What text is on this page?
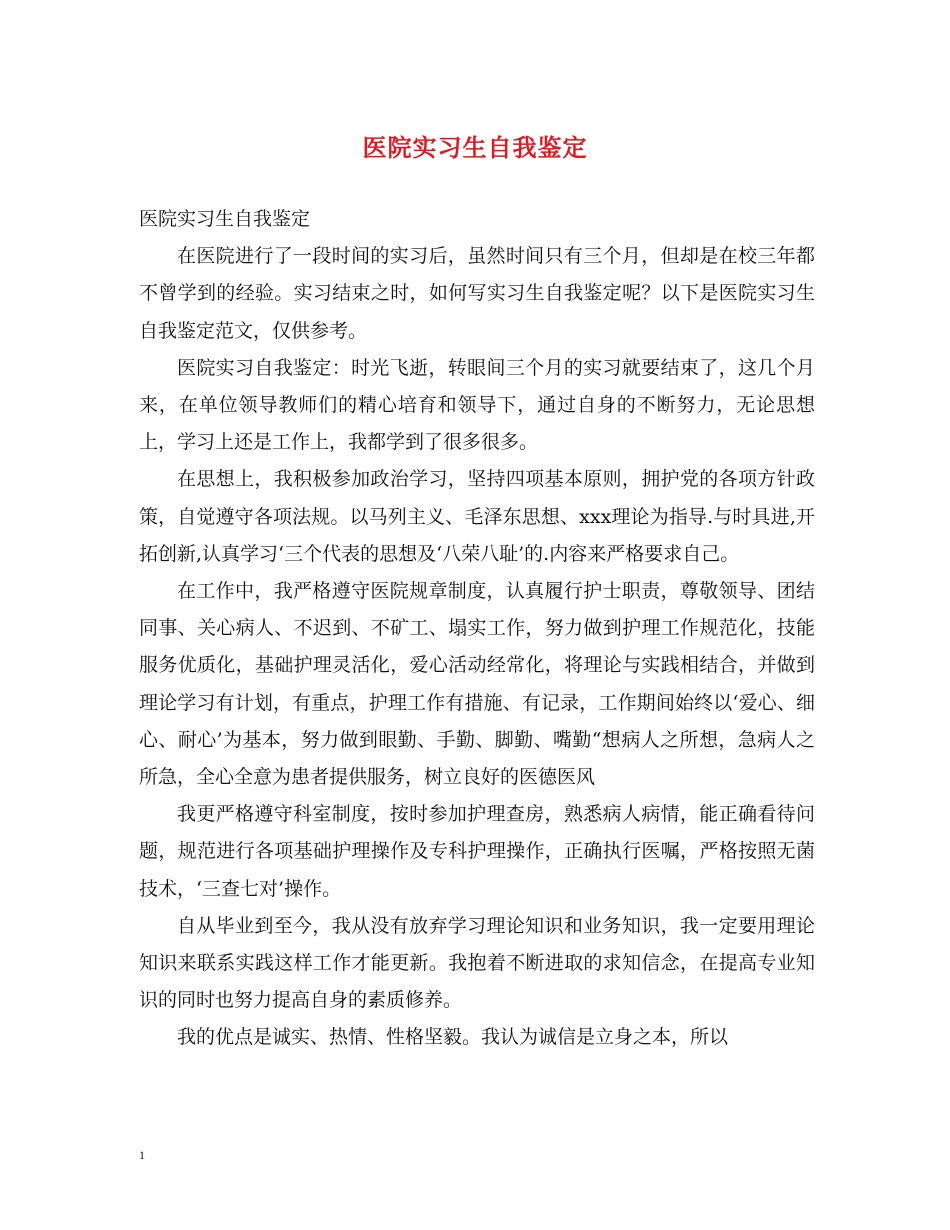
医院实习生自我鉴定

医院实习生自我鉴定

在医院进行了一段时间的实习后，虽然时间只有三个月，但却是在校三年都不曾学到的经验。实习结束之时，如何写实习生自我鉴定呢？以下是医院实习生自我鉴定范文，仅供参考。

医院实习自我鉴定：时光飞逝，转眼间三个月的实习就要结束了，这几个月来，在单位领导教师们的精心培育和领导下，通过自身的不断努力，无论思想上，学习上还是工作上，我都学到了很多很多。

在思想上，我积极参加政治学习，坚持四项基本原则，拥护党的各项方针政策，自觉遵守各项法规。以马列主义、毛泽东思想、xxx理论为指导.与时具进,开拓创新,认真学习‘三个代表的思想及‘八荣八耻’的.内容来严格要求自己。

在工作中，我严格遵守医院规章制度，认真履行护士职责，尊敬领导、团结同事、关心病人、不迟到、不矿工、塌实工作，努力做到护理工作规范化，技能服务优质化，基础护理灵活化，爱心活动经常化，将理论与实践相结合，并做到理论学习有计划，有重点，护理工作有措施、有记录，工作期间始终以‘爱心、细心、耐心’为基本，努力做到眼勤、手勤、脚勤、嘴勤“想病人之所想，急病人之所急，全心全意为患者提供服务，树立良好的医德医风

我更严格遵守科室制度，按时参加护理查房，熟悉病人病情，能正确看待问题，规范进行各项基础护理操作及专科护理操作，正确执行医嘱，严格按照无菌技术，‘三查七对’操作。

自从毕业到至今，我从没有放弃学习理论知识和业务知识，我一定要用理论知识来联系实践这样工作才能更新。我抱着不断进取的求知信念，在提高专业知识的同时也努力提高自身的素质修养。

我的优点是诚实、热情、性格坚毅。我认为诚信是立身之本，所以

1
